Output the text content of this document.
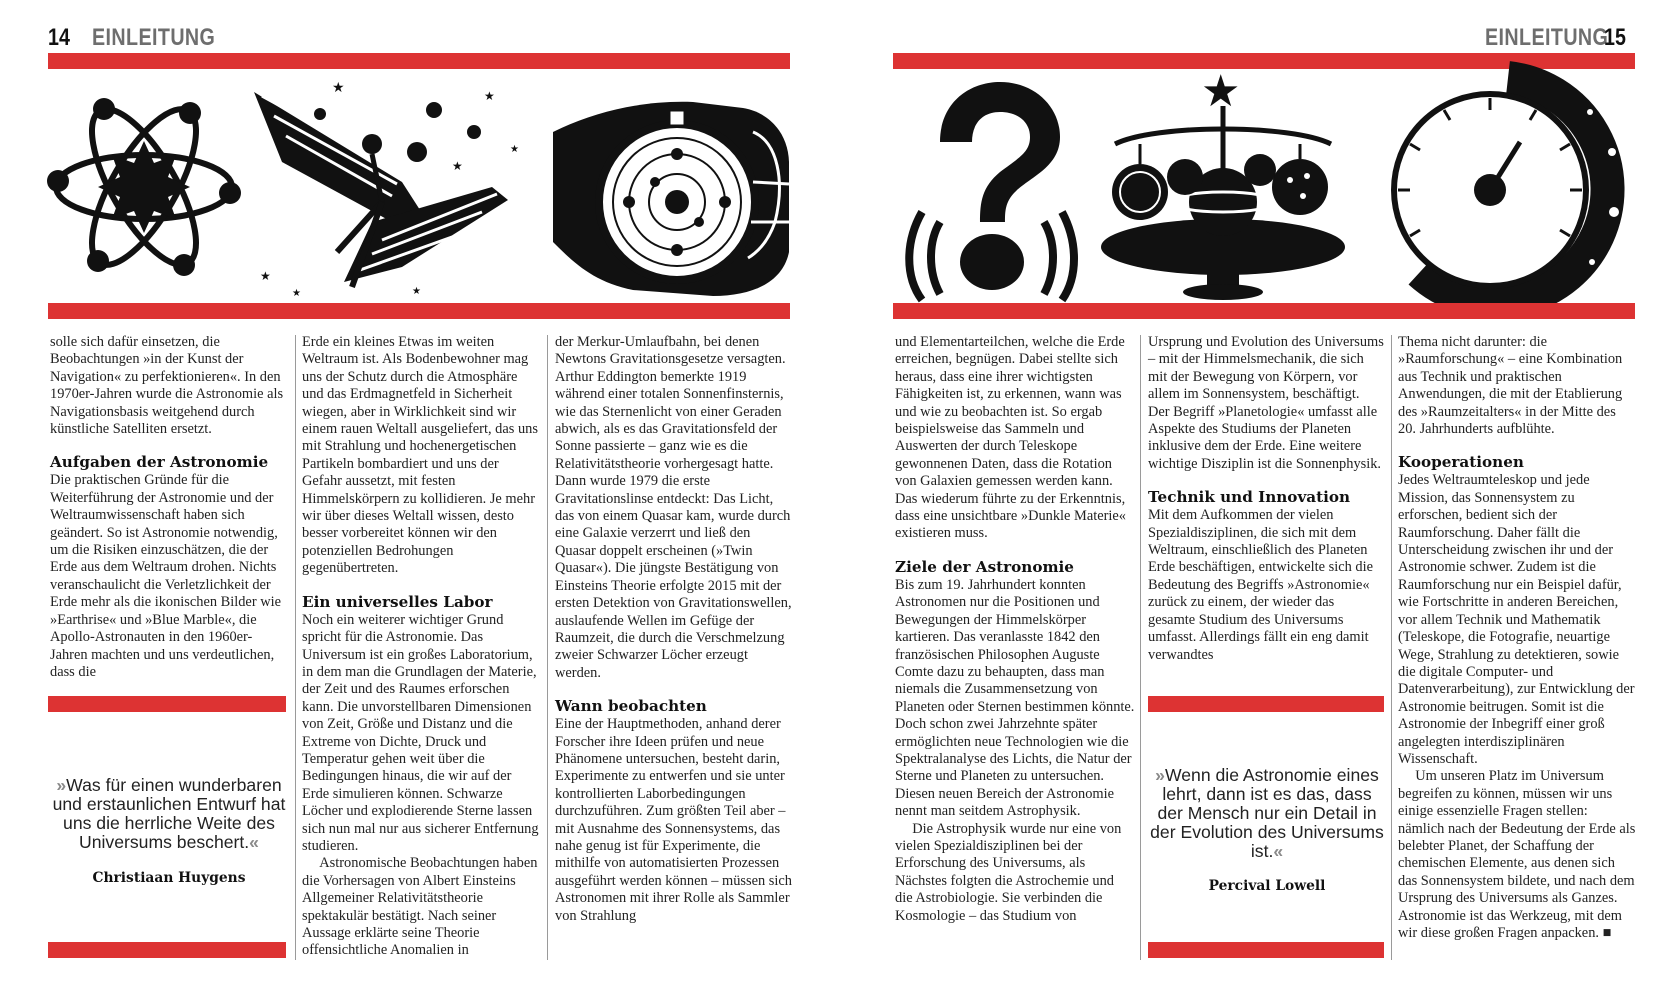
14 EINLEITUNG
★	★
★
★
★
★	★

solle sich dafür einsetzen, die Beobachtungen »in der Kunst der Navigation« zu perfektionieren«. In den 1970er-Jahren wurde die Astronomie als Navigationsbasis weitgehend durch künstliche Satelliten ersetzt.

Aufgaben der Astronomie

Die praktischen Gründe für die Weiterführung der Astronomie und der Weltraumwissenschaft haben sich geändert. So ist Astronomie notwendig, um die Risiken einzuschätzen, die der Erde aus dem Weltraum drohen. Nichts veranschaulicht die Verletzlichkeit der Erde mehr als die ikonischen Bilder wie »Earthrise« und »Blue Marble«, die Apollo-Astronauten in den 1960er-Jahren machten und uns verdeutlichen, dass die

»Was für einen wunderbaren und erstaunlichen Entwurf hat uns die herrliche Weite des Universums beschert.«
Christiaan Huygens

Erde ein kleines Etwas im weiten Weltraum ist. Als Bodenbewohner mag uns der Schutz durch die Atmosphäre und das Erdmagnetfeld in Sicherheit wiegen, aber in Wirklichkeit sind wir einem rauen Weltall ausgeliefert, das uns mit Strahlung und hochenergetischen Partikeln bombardiert und uns der Gefahr aussetzt, mit festen Himmelskörpern zu kollidieren. Je mehr wir über dieses Weltall wissen, desto besser vorbereitet können wir den potenziellen Bedrohungen gegenübertreten.

Ein universelles Labor

Noch ein weiterer wichtiger Grund spricht für die Astronomie. Das Universum ist ein großes Laboratorium, in dem man die Grundlagen der Materie, der Zeit und des Raumes erforschen kann. Die unvorstellbaren Dimensionen von Zeit, Größe und Distanz und die Extreme von Dichte, Druck und Temperatur gehen weit über die Bedingungen hinaus, die wir auf der Erde simulieren können. Schwarze Löcher und explodierende Sterne lassen sich nun mal nur aus sicherer Entfernung studieren.

Astronomische Beobachtungen haben die Vorhersagen von Albert Einsteins Allgemeiner Relativitätstheorie spektakulär bestätigt. Nach seiner Aussage erklärte seine Theorie offensichtliche Anomalien in

der Merkur-Umlaufbahn, bei denen Newtons Gravitationsgesetze versagten. Arthur Eddington bemerkte 1919 während einer totalen Sonnenfinsternis, wie das Sternenlicht von einer Geraden abwich, als es das Gravitationsfeld der Sonne passierte – ganz wie es die Relativitätstheorie vorhergesagt hatte. Dann wurde 1979 die erste Gravitationslinse entdeckt: Das Licht, das von einem Quasar kam, wurde durch eine Galaxie verzerrt und ließ den Quasar doppelt erscheinen (»Twin Quasar«). Die jüngste Bestätigung von Einsteins Theorie erfolgte 2015 mit der ersten Detektion von Gravitationswellen, auslaufende Wellen im Gefüge der Raumzeit, die durch die Verschmelzung zweier Schwarzer Löcher erzeugt werden.

Wann beobachten

Eine der Hauptmethoden, anhand derer Forscher ihre Ideen prüfen und neue Phänomene untersuchen, besteht darin, Experimente zu entwerfen und sie unter kontrollierten Laborbedingungen durchzuführen. Zum größten Teil aber – mit Ausnahme des Sonnensystems, das nahe genug ist für Experimente, die mithilfe von automatisierten Prozessen ausgeführt werden können – müssen sich Astronomen mit ihrer Rolle als Sammler von Strahlung

EINLEITUNG
15
★

und Elementarteilchen, welche die Erde erreichen, begnügen. Dabei stellte sich heraus, dass eine ihrer wichtigsten Fähigkeiten ist, zu erkennen, wann was und wie zu beobachten ist. So ergab beispielsweise das Sammeln und Auswerten der durch Teleskope gewonnenen Daten, dass die Rotation von Galaxien gemessen werden kann. Das wiederum führte zu der Erkenntnis, dass eine unsichtbare »Dunkle Materie« existieren muss.

Ziele der Astronomie

Bis zum 19. Jahrhundert konnten Astronomen nur die Positionen und Bewegungen der Himmelskörper kartieren. Das veranlasste 1842 den französischen Philosophen Auguste Comte dazu zu behaupten, dass man niemals die Zusammensetzung von Planeten oder Sternen bestimmen könnte. Doch schon zwei Jahrzehnte später ermöglichten neue Technologien wie die Spektralanalyse des Lichts, die Natur der Sterne und Planeten zu untersuchen. Diesen neuen Bereich der Astronomie nennt man seitdem Astrophysik.

Die Astrophysik wurde nur eine von vielen Spezialdisziplinen bei der Erforschung des Universums, als Nächstes folgten die Astrochemie und die Astrobiologie. Sie verbinden die Kosmologie – das Studium von

Ursprung und Evolution des Universums – mit der Himmelsmechanik, die sich mit der Bewegung von Körpern, vor allem im Sonnensystem, beschäftigt. Der Begriff »Planetologie« umfasst alle Aspekte des Studiums der Planeten inklusive dem der Erde. Eine weitere wichtige Disziplin ist die Sonnenphysik.

Technik und Innovation

Mit dem Aufkommen der vielen Spezialdisziplinen, die sich mit dem Weltraum, einschließlich des Planeten Erde beschäftigen, entwickelte sich die Bedeutung des Begriffs »Astronomie« zurück zu einem, der wieder das gesamte Studium des Universums umfasst. Allerdings fällt ein eng damit verwandtes

»Wenn die Astronomie eines lehrt, dann ist es das, dass der Mensch nur ein Detail in der Evolution des Universums ist.«
Percival Lowell

Thema nicht darunter: die »Raumforschung« – eine Kombination aus Technik und praktischen Anwendungen, die mit der Etablierung des »Raumzeitalters« in der Mitte des 20. Jahrhunderts aufblühte.

Kooperationen

Jedes Weltraumteleskop und jede Mission, das Sonnensystem zu erforschen, bedient sich der Raumforschung. Daher fällt die Unterscheidung zwischen ihr und der Astronomie schwer. Zudem ist die Raumforschung nur ein Beispiel dafür, wie Fortschritte in anderen Bereichen, vor allem Technik und Mathematik (Teleskope, die Fotografie, neuartige Wege, Strahlung zu detektieren, sowie die digitale Computer- und Datenverarbeitung), zur Entwicklung der Astronomie beitrugen. Somit ist die Astronomie der Inbegriff einer groß angelegten interdisziplinären Wissenschaft.

Um unseren Platz im Universum begreifen zu können, müssen wir uns einige essenzielle Fragen stellen: nämlich nach der Bedeutung der Erde als belebter Planet, der Schaffung der chemischen Elemente, aus denen sich das Sonnensystem bildete, und nach dem Ursprung des Universums als Ganzes. Astronomie ist das Werkzeug, mit dem wir diese großen Fragen anpacken. ■
